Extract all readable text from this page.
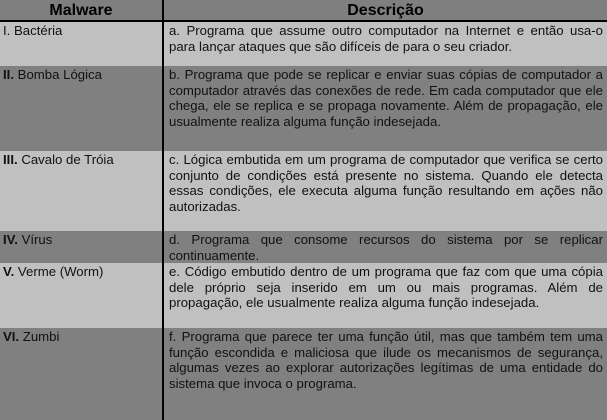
Malware	Descrição
I. Bactéria	a. Programa que assume outro computador na Internet e então usa-o para lançar ataques que são difíceis de para o seu criador.
II. Bomba Lógica	b. Programa que pode se replicar e enviar suas cópias de computador a computador através das conexões de rede. Em cada computador que ele chega, ele se replica e se propaga novamente. Além de propagação, ele usualmente realiza alguma função indesejada.
III. Cavalo de Tróia	c. Lógica embutida em um programa de computador que verifica se certo conjunto de condições está presente no sistema. Quando ele detecta essas condições, ele executa alguma função resultando em ações não autorizadas.
IV. Vírus	d. Programa que consome recursos do sistema por se replicar continuamente.
V. Verme (Worm)	e. Código embutido dentro de um programa que faz com que uma cópia dele próprio seja inserido em um ou mais programas. Além de propagação, ele usualmente realiza alguma função indesejada.
VI. Zumbi	f. Programa que parece ter uma função útil, mas que também tem uma função escondida e maliciosa que ilude os mecanismos de segurança, algumas vezes ao explorar autorizações legítimas de uma entidade do sistema que invoca o programa.
